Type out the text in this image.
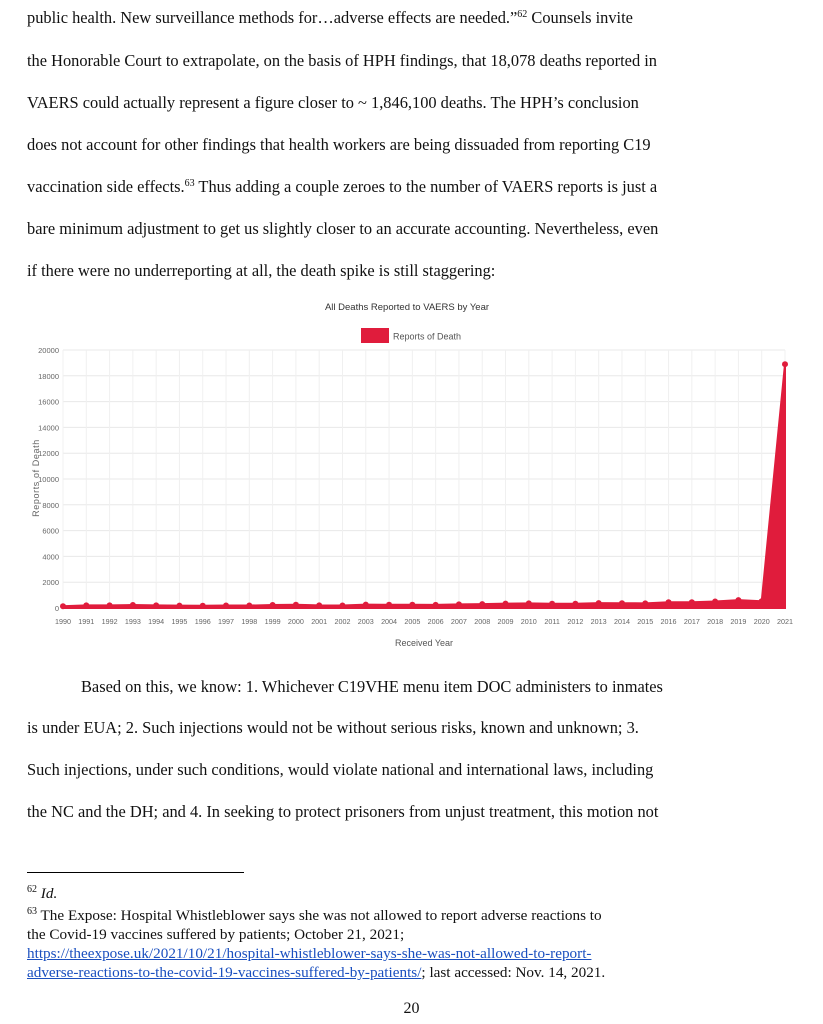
public health. New surveillance methods for…adverse effects are needed.”$^{62}$ Counsels invite
the Honorable Court to extrapolate, on the basis of HPH findings, that 18,078 deaths reported in
VAERS could actually represent a figure closer to ~ 1,846,100 deaths. The HPH’s conclusion
does not account for other findings that health workers are being dissuaded from reporting C19
vaccination side effects.$^{63}$ Thus adding a couple zeroes to the number of VAERS reports is just a
bare minimum adjustment to get us slightly closer to an accurate accounting. Nevertheless, even
if there were no underreporting at all, the death spike is still staggering:
All Deaths Reported to VAERS by Year
Reports of Death
0
2000
4000
6000
8000
10000
12000
14000
16000
18000
20000
1990 1991 1992 1993 1994 1995 1996 1997 1998 1999 2000 2001 2002 2003 2004 2005 2006 2007 2008 2009 2010 2011 2012 2013 2014 2015 2016 2017 2018 2019 2020 2021
Received Year
Reports of Death
Based on this, we know: 1. Whichever C19VHE menu item DOC administers to inmates
is under EUA; 2. Such injections would not be without serious risks, known and unknown; 3.
Such injections, under such conditions, would violate national and international laws, including
the NC and the DH; and 4. In seeking to protect prisoners from unjust treatment, this motion not
$^{62}$ Id.
$^{63}$ The Expose: Hospital Whistleblower says she was not allowed to report adverse reactions to
the Covid-19 vaccines suffered by patients; October 21, 2021;
https://theexpose.uk/2021/10/21/hospital-whistleblower-says-she-was-not-allowed-to-report-
adverse-reactions-to-the-covid-19-vaccines-suffered-by-patients/; last accessed: Nov. 14, 2021.
20
